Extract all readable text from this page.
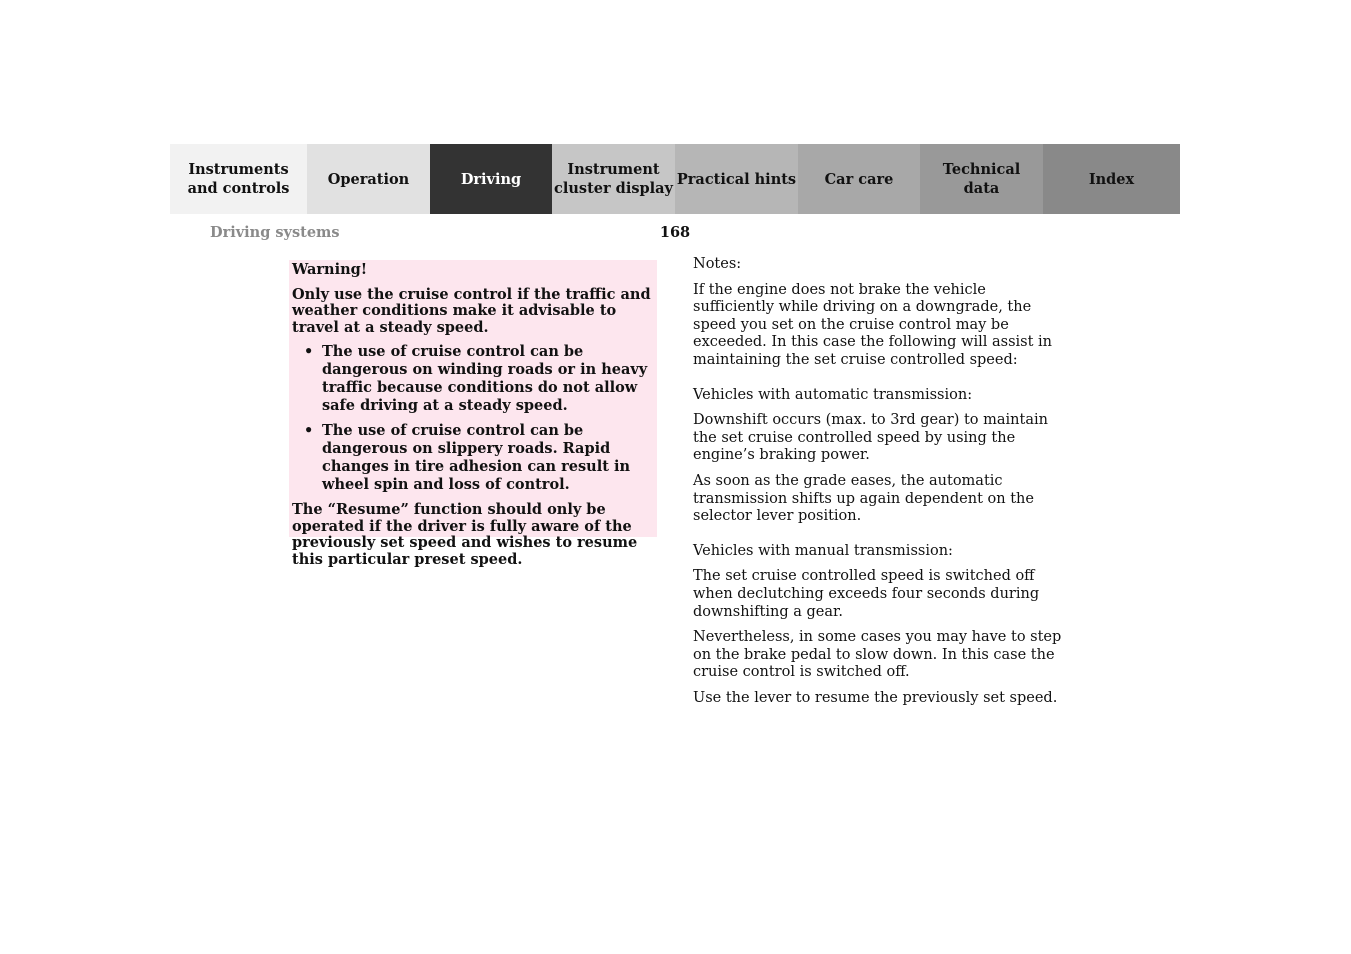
Instruments
and controls
Operation	Driving
Instrument
cluster display
Practical hints	Car care
Technical
data
Index
Driving systems	168

Warning!

Only use the cruise control if the traffic and weather conditions make it advisable to travel at a steady speed.

• The use of cruise control can be dangerous on winding roads or in heavy traffic because conditions do not allow safe driving at a steady speed.
• The use of cruise control can be dangerous on slippery roads. Rapid changes in tire adhesion can result in wheel spin and loss of control.

The “Resume” function should only be operated if the driver is fully aware of the previously set speed and wishes to resume this particular preset speed.

Notes:

If the engine does not brake the vehicle sufficiently while driving on a downgrade, the speed you set on the cruise control may be exceeded. In this case the following will assist in maintaining the set cruise controlled speed:

Vehicles with automatic transmission:

Downshift occurs (max. to 3rd gear) to maintain the set cruise controlled speed by using the engine’s braking power.

As soon as the grade eases, the automatic transmission shifts up again dependent on the selector lever position.

Vehicles with manual transmission:

The set cruise controlled speed is switched off when declutching exceeds four seconds during downshifting a gear.

Nevertheless, in some cases you may have to step on the brake pedal to slow down. In this case the cruise control is switched off.

Use the lever to resume the previously set speed.
